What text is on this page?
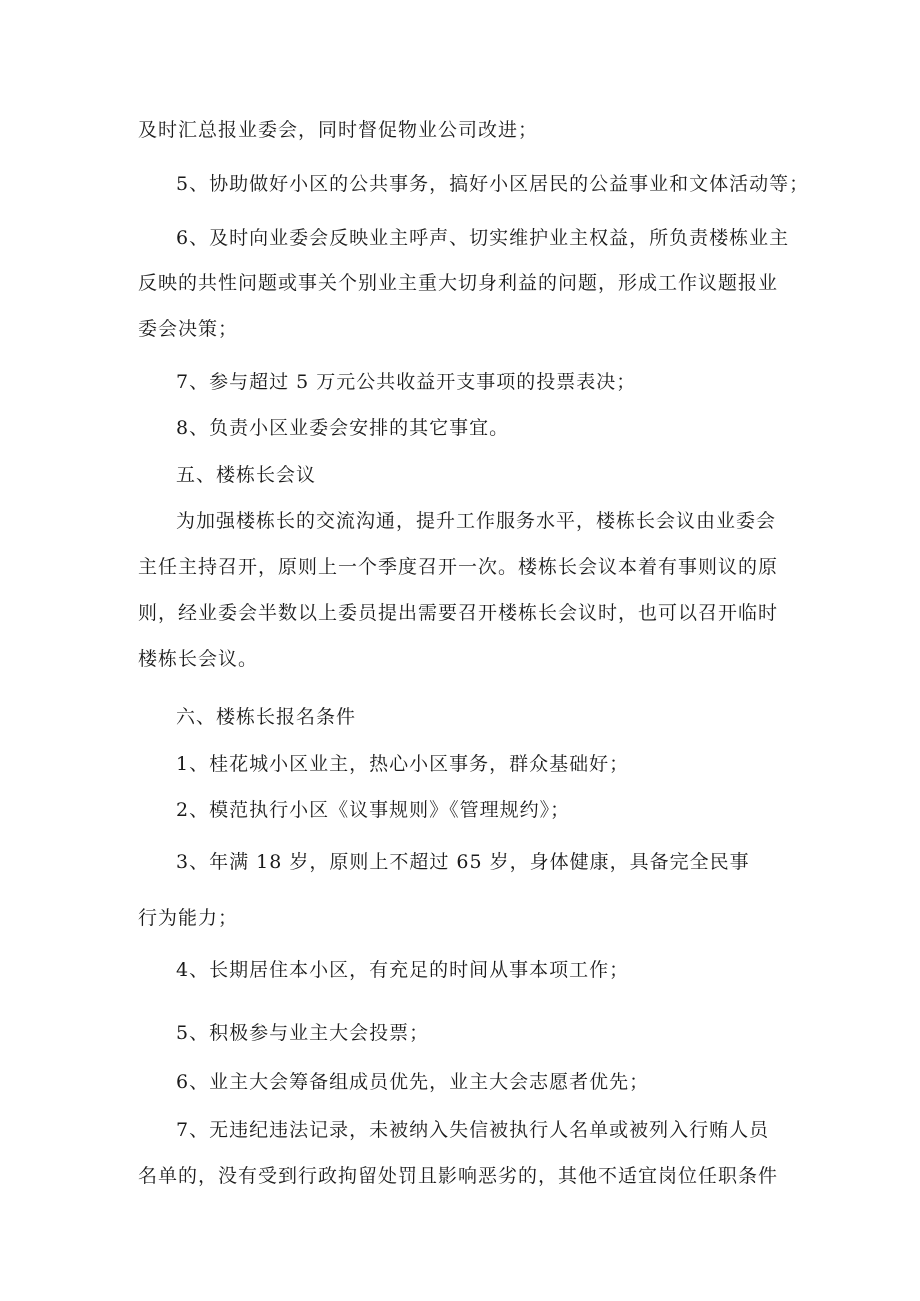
及时汇总报业委会，同时督促物业公司改进；

5、协助做好小区的公共事务，搞好小区居民的公益事业和文体活动等；

6、及时向业委会反映业主呼声、切实维护业主权益，所负责楼栋业主

反映的共性问题或事关个别业主重大切身利益的问题，形成工作议题报业

委会决策；

7、参与超过 5 万元公共收益开支事项的投票表决；

8、负责小区业委会安排的其它事宜。

五、楼栋长会议

为加强楼栋长的交流沟通，提升工作服务水平，楼栋长会议由业委会

主任主持召开，原则上一个季度召开一次。楼栋长会议本着有事则议的原

则，经业委会半数以上委员提出需要召开楼栋长会议时，也可以召开临时

楼栋长会议。

六、楼栋长报名条件

1、桂花城小区业主，热心小区事务，群众基础好；

2、模范执行小区《议事规则》《管理规约》；

3、年满 18 岁，原则上不超过 65 岁，身体健康，具备完全民事

行为能力；

4、长期居住本小区，有充足的时间从事本项工作；

5、积极参与业主大会投票；

6、业主大会筹备组成员优先，业主大会志愿者优先；

7、无违纪违法记录，未被纳入失信被执行人名单或被列入行贿人员

名单的，没有受到行政拘留处罚且影响恶劣的，其他不适宜岗位任职条件
